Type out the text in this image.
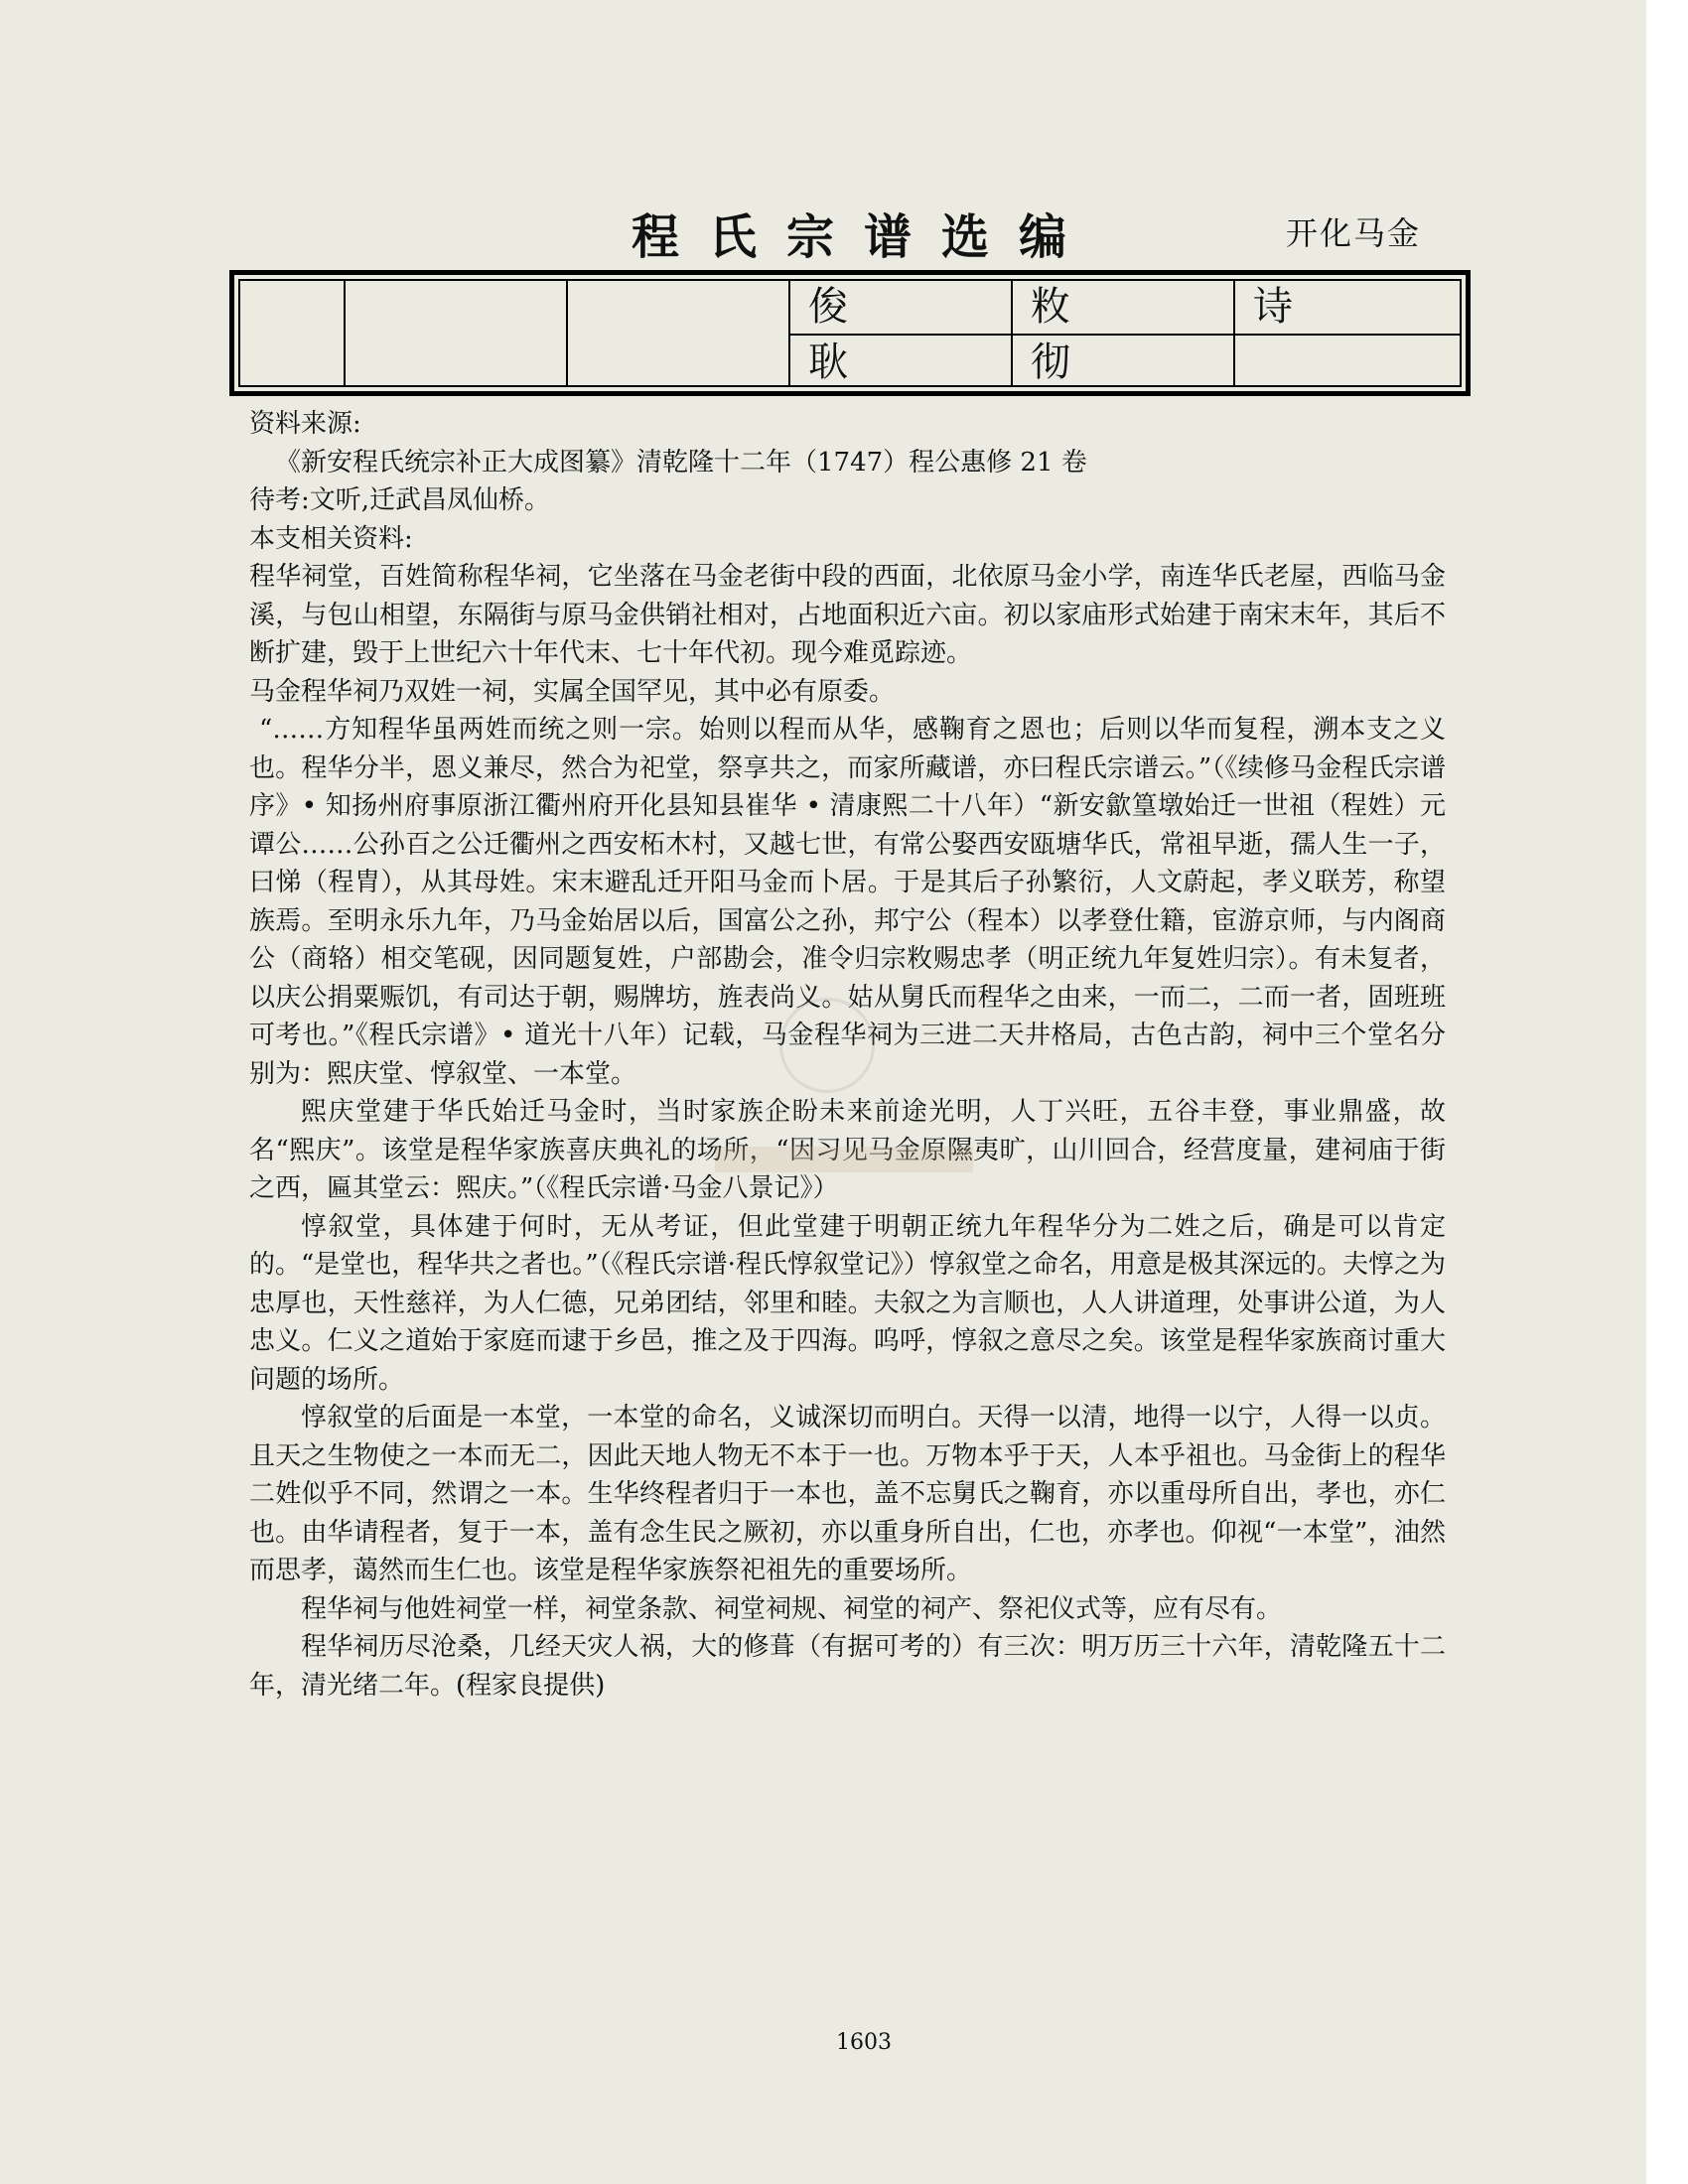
程氏宗谱选编	开化马金
俊	敉	诗
耿	彻

资料来源:

《新安程氏统宗补正大成图纂》清乾隆十二年（1747）程公惠修 21 卷

待考:文听,迁武昌凤仙桥。

本支相关资料:

程华祠堂，百姓简称程华祠，它坐落在马金老街中段的西面，北依原马金小学，南连华氏老屋，西临马金溪，与包山相望，东隔街与原马金供销社相对，占地面积近六亩。初以家庙形式始建于南宋末年，其后不断扩建，毁于上世纪六十年代末、七十年代初。现今难觅踪迹。

马金程华祠乃双姓一祠，实属全国罕见，其中必有原委。

“……方知程华虽两姓而统之则一宗。始则以程而从华，感鞠育之恩也；后则以华而复程，溯本支之义也。程华分半，恩义兼尽，然合为祀堂，祭享共之，而家所藏谱，亦曰程氏宗谱云。”（《续修马金程氏宗谱序》• 知扬州府事原浙江衢州府开化县知县崔华 • 清康熙二十八年）“新安歙篁墩始迁一世祖（程姓）元谭公……公孙百之公迁衢州之西安柘木村，又越七世，有常公娶西安瓯塘华氏，常祖早逝，孺人生一子，曰悌（程胄），从其母姓。宋末避乱迁开阳马金而卜居。于是其后子孙繁衍，人文蔚起，孝义联芳，称望族焉。至明永乐九年，乃马金始居以后，国富公之孙，邦宁公（程本）以孝登仕籍，宦游京师，与内阁商公（商辂）相交笔砚，因同题复姓，户部勘会，准令归宗敉赐忠孝（明正统九年复姓归宗）。有未复者，以庆公捐粟赈饥，有司达于朝，赐牌坊，旌表尚义。姑从舅氏而程华之由来，一而二，二而一者，固班班可考也。”《程氏宗谱》• 道光十八年）记载，马金程华祠为三进二天井格局，古色古韵，祠中三个堂名分别为：熙庆堂、惇叙堂、一本堂。

熙庆堂建于华氏始迁马金时，当时家族企盼未来前途光明，人丁兴旺，五谷丰登，事业鼎盛，故名“熙庆”。该堂是程华家族喜庆典礼的场所，“因习见马金原隰夷旷，山川回合，经营度量，建祠庙于街之西，匾其堂云：熙庆。”（《程氏宗谱·马金八景记》）

惇叙堂，具体建于何时，无从考证，但此堂建于明朝正统九年程华分为二姓之后，确是可以肯定的。“是堂也，程华共之者也。”（《程氏宗谱·程氏惇叙堂记》）惇叙堂之命名，用意是极其深远的。夫惇之为忠厚也，天性慈祥，为人仁德，兄弟团结，邻里和睦。夫叙之为言顺也，人人讲道理，处事讲公道，为人忠义。仁义之道始于家庭而逮于乡邑，推之及于四海。呜呼，惇叙之意尽之矣。该堂是程华家族商讨重大问题的场所。

惇叙堂的后面是一本堂，一本堂的命名，义诚深切而明白。天得一以清，地得一以宁，人得一以贞。且天之生物使之一本而无二，因此天地人物无不本于一也。万物本乎于天，人本乎祖也。马金街上的程华二姓似乎不同，然谓之一本。生华终程者归于一本也，盖不忘舅氏之鞠育，亦以重母所自出，孝也，亦仁也。由华请程者，复于一本，盖有念生民之厥初，亦以重身所自出，仁也，亦孝也。仰视“一本堂”，油然而思孝，蔼然而生仁也。该堂是程华家族祭祀祖先的重要场所。

程华祠与他姓祠堂一样，祠堂条款、祠堂祠规、祠堂的祠产、祭祀仪式等，应有尽有。

程华祠历尽沧桑，几经天灾人祸，大的修葺（有据可考的）有三次：明万历三十六年，清乾隆五十二年，清光绪二年。(程家良提供)

1603
